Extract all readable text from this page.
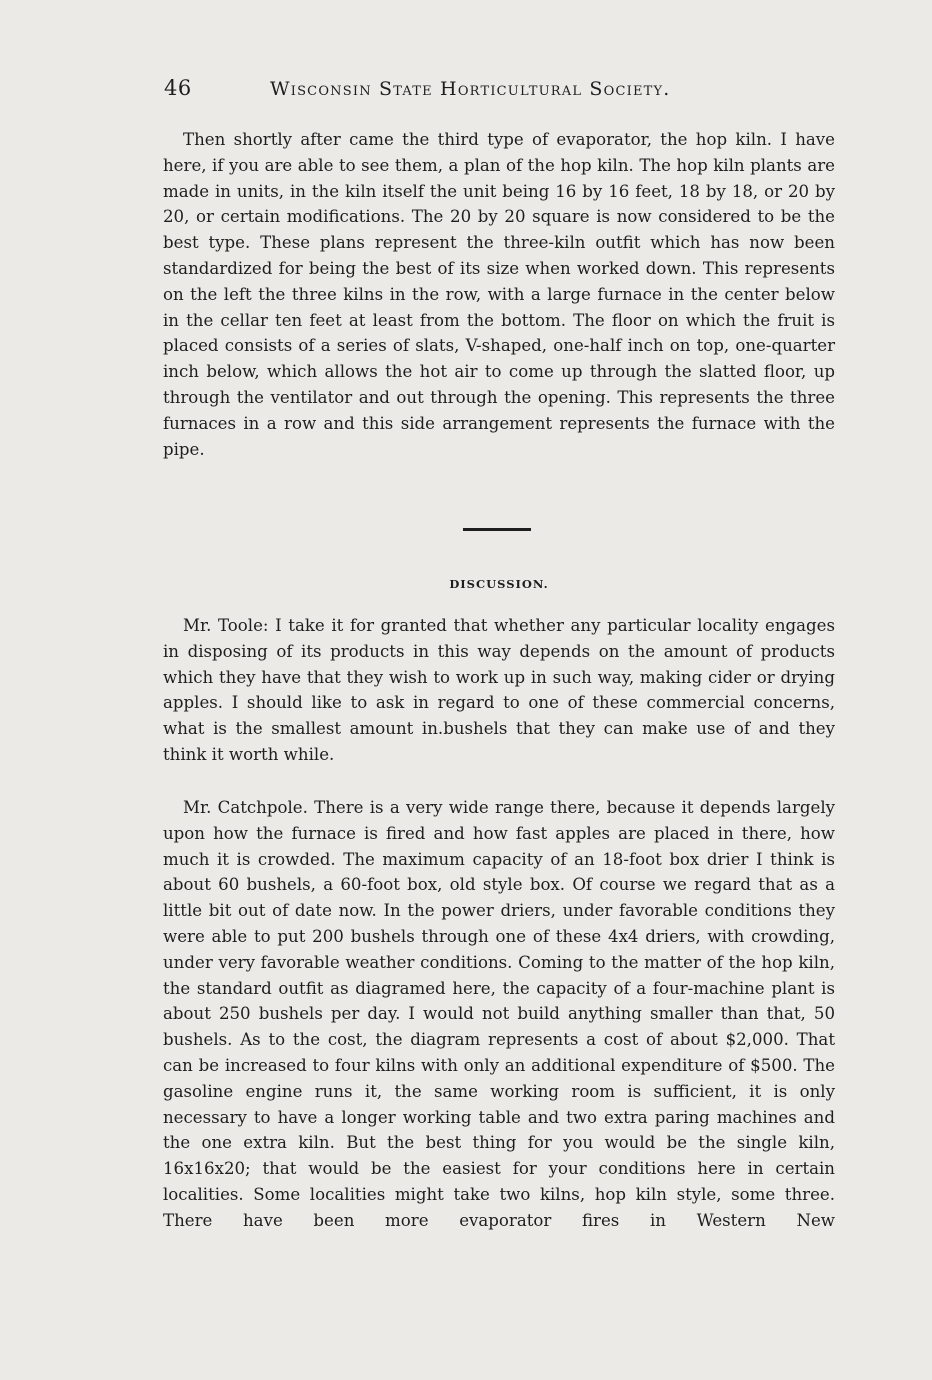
46	Wisconsin State Horticultural Society.

Then shortly after came the third type of evaporator, the hop kiln. I have here, if you are able to see them, a plan of the hop kiln. The hop kiln plants are made in units, in the kiln itself the unit being 16 by 16 feet, 18 by 18, or 20 by 20, or certain modifications. The 20 by 20 square is now considered to be the best type. These plans represent the three-kiln outfit which has now been standardized for being the best of its size when worked down. This represents on the left the three kilns in the row, with a large furnace in the center below in the cellar ten feet at least from the bottom. The floor on which the fruit is placed consists of a series of slats, V-shaped, one-half inch on top, one-quarter inch below, which allows the hot air to come up through the slatted floor, up through the ventilator and out through the opening. This represents the three furnaces in a row and this side arrangement represents the furnace with the pipe.

DISCUSSION.

Mr. Toole: I take it for granted that whether any particular locality engages in disposing of its products in this way depends on the amount of products which they have that they wish to work up in such way, making cider or drying apples. I should like to ask in regard to one of these commercial concerns, what is the smallest amount in.bushels that they can make use of and they think it worth while.

Mr. Catchpole. There is a very wide range there, because it depends largely upon how the furnace is fired and how fast apples are placed in there, how much it is crowded. The maximum capacity of an 18-foot box drier I think is about 60 bushels, a 60-foot box, old style box. Of course we regard that as a little bit out of date now. In the power driers, under favorable conditions they were able to put 200 bushels through one of these 4x4 driers, with crowding, under very favorable weather conditions. Coming to the matter of the hop kiln, the standard outfit as diagramed here, the capacity of a four-machine plant is about 250 bushels per day. I would not build anything smaller than that, 50 bushels. As to the cost, the diagram represents a cost of about $2,000. That can be increased to four kilns with only an additional expenditure of $500. The gasoline engine runs it, the same working room is sufficient, it is only necessary to have a longer working table and two extra paring machines and the one extra kiln. But the best thing for you would be the single kiln, 16x16x20; that would be the easiest for your conditions here in certain localities. Some localities might take two kilns, hop kiln style, some three. There have been more evaporator fires in Western New
